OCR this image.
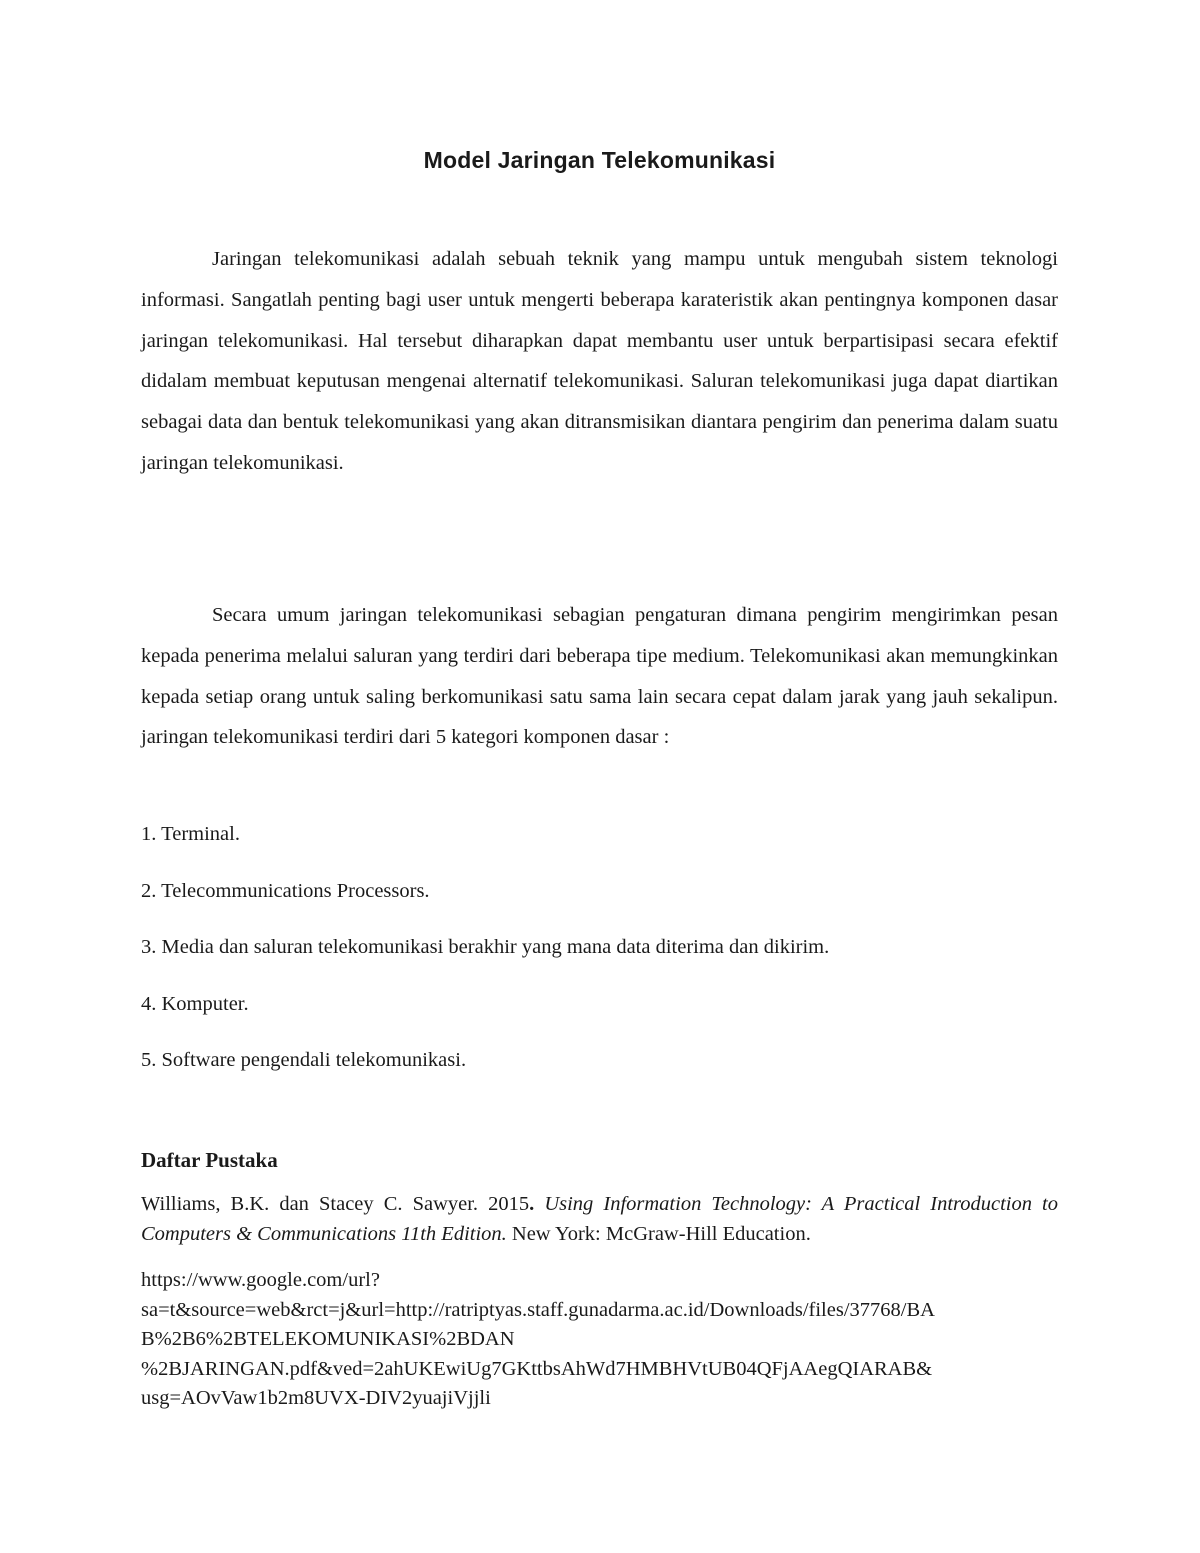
Model Jaringan Telekomunikasi

Jaringan telekomunikasi adalah sebuah teknik yang mampu untuk mengubah sistem teknologi informasi. Sangatlah penting bagi user untuk mengerti beberapa karateristik akan pentingnya komponen dasar jaringan telekomunikasi. Hal tersebut diharapkan dapat membantu user untuk berpartisipasi secara efektif didalam membuat keputusan mengenai alternatif telekomunikasi. Saluran telekomunikasi juga dapat diartikan sebagai data dan bentuk telekomunikasi yang akan ditransmisikan diantara pengirim dan penerima dalam suatu jaringan telekomunikasi.

Secara umum jaringan telekomunikasi sebagian pengaturan dimana pengirim mengirimkan pesan kepada penerima melalui saluran yang terdiri dari beberapa tipe medium. Telekomunikasi akan memungkinkan kepada setiap orang untuk saling berkomunikasi satu sama lain secara cepat dalam jarak yang jauh sekalipun. jaringan telekomunikasi terdiri dari 5 kategori komponen dasar :

1. Terminal.
2. Telecommunications Processors.
3. Media dan saluran telekomunikasi berakhir yang mana data diterima dan dikirim.
4. Komputer.
5. Software pengendali telekomunikasi.
Daftar Pustaka

Williams, B.K. dan Stacey C. Sawyer. 2015. Using Information Technology: A Practical Introduction to Computers & Communications 11th Edition. New York: McGraw-Hill Education.

https://www.google.com/url?
sa=t&source=web&rct=j&url=http://ratriptyas.staff.gunadarma.ac.id/Downloads/files/37768/BA
B%2B6%2BTELEKOMUNIKASI%2BDAN
%2BJARINGAN.pdf&ved=2ahUKEwiUg7GKttbsAhWd7HMBHVtUB04QFjAAegQIARAB&
usg=AOvVaw1b2m8UVX-DIV2yuajiVjjli
